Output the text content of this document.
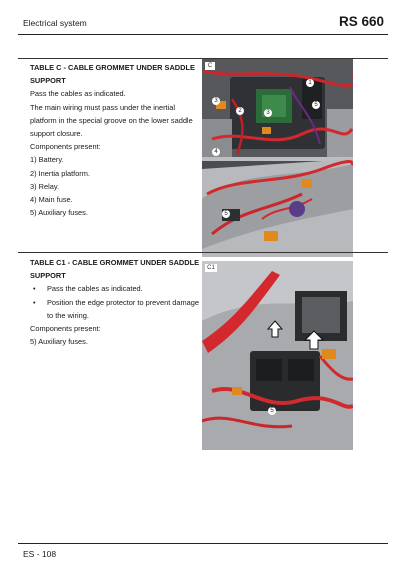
Electrical system	RS 660

TABLE C - CABLE GROMMET UNDER SADDLE SUPPORT

Pass the cables as indicated.

The main wiring must pass under the inertial platform in the special groove on the lower saddle support closure.

Components present:

1) Battery.

2) Inertia platform.

3) Relay.

4) Main fuse.

5) Auxiliary fuses.

C
1
2
3
3
5
4
5

TABLE C1 - CABLE GROMMET UNDER SADDLE SUPPORT

• Pass the cables as indicated.
• Position the edge protector to prevent damage to the wiring.

Components present:

5) Auxiliary fuses.

C1
5
ES - 108
